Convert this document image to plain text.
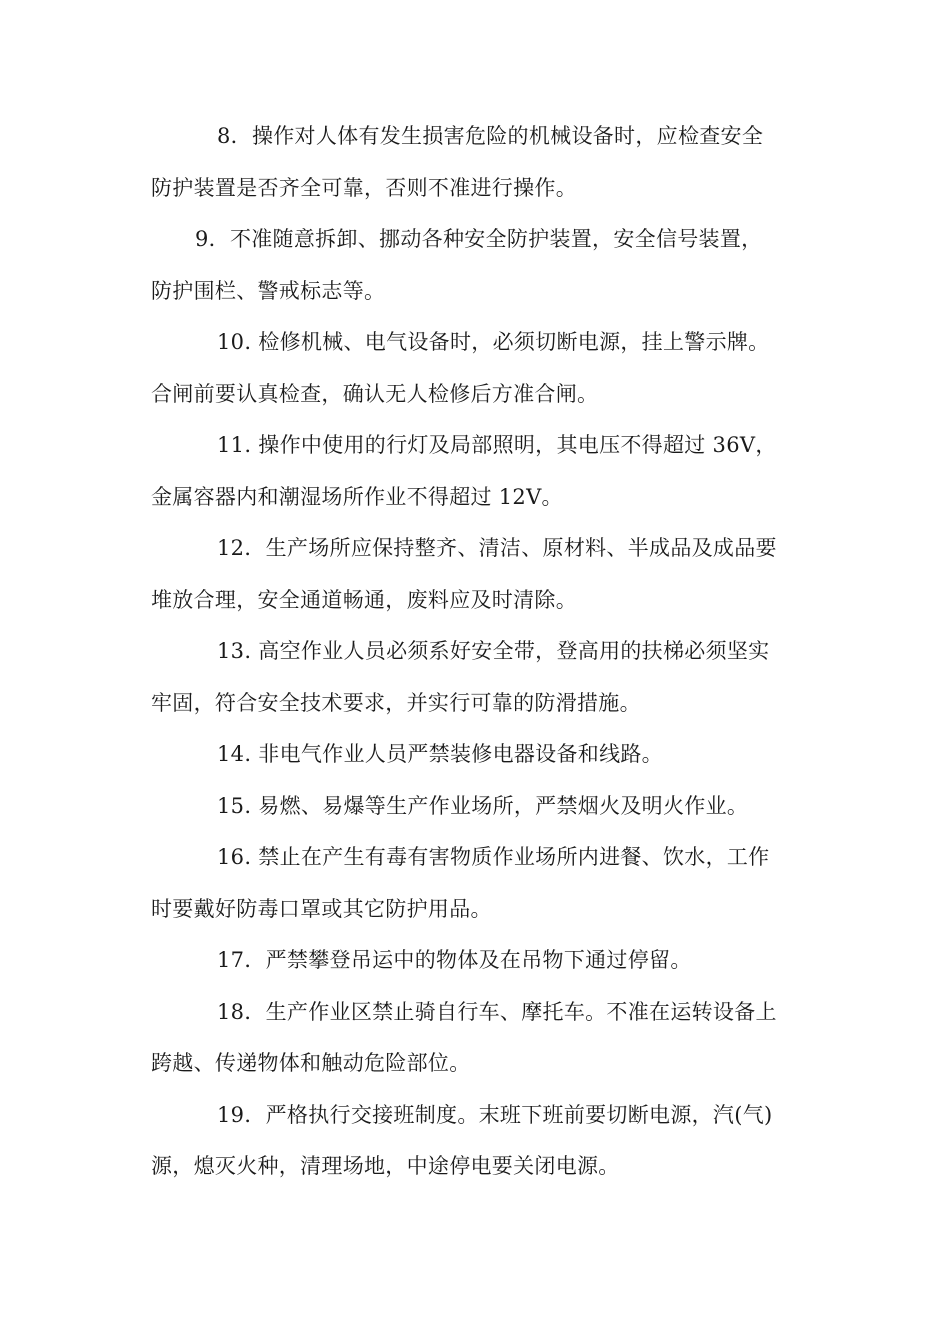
8．操作对人体有发生损害危险的机械设备时，应检查安全
防护装置是否齐全可靠，否则不准进行操作。

9．不准随意拆卸、挪动各种安全防护装置，安全信号装置，
防护围栏、警戒标志等。

10. 检修机械、电气设备时，必须切断电源，挂上警示牌。
合闸前要认真检查，确认无人检修后方准合闸。

11. 操作中使用的行灯及局部照明，其电压不得超过 36V，
金属容器内和潮湿场所作业不得超过 12V。

12．生产场所应保持整齐、清洁、原材料、半成品及成品要
堆放合理，安全通道畅通，废料应及时清除。

13. 高空作业人员必须系好安全带，登高用的扶梯必须坚实
牢固，符合安全技术要求，并实行可靠的防滑措施。

14. 非电气作业人员严禁装修电器设备和线路。

15. 易燃、易爆等生产作业场所，严禁烟火及明火作业。

16. 禁止在产生有毒有害物质作业场所内进餐、饮水，工作
时要戴好防毒口罩或其它防护用品。

17．严禁攀登吊运中的物体及在吊物下通过停留。

18．生产作业区禁止骑自行车、摩托车。不准在运转设备上
跨越、传递物体和触动危险部位。

19．严格执行交接班制度。末班下班前要切断电源，汽(气)
源，熄灭火种，清理场地，中途停电要关闭电源。
